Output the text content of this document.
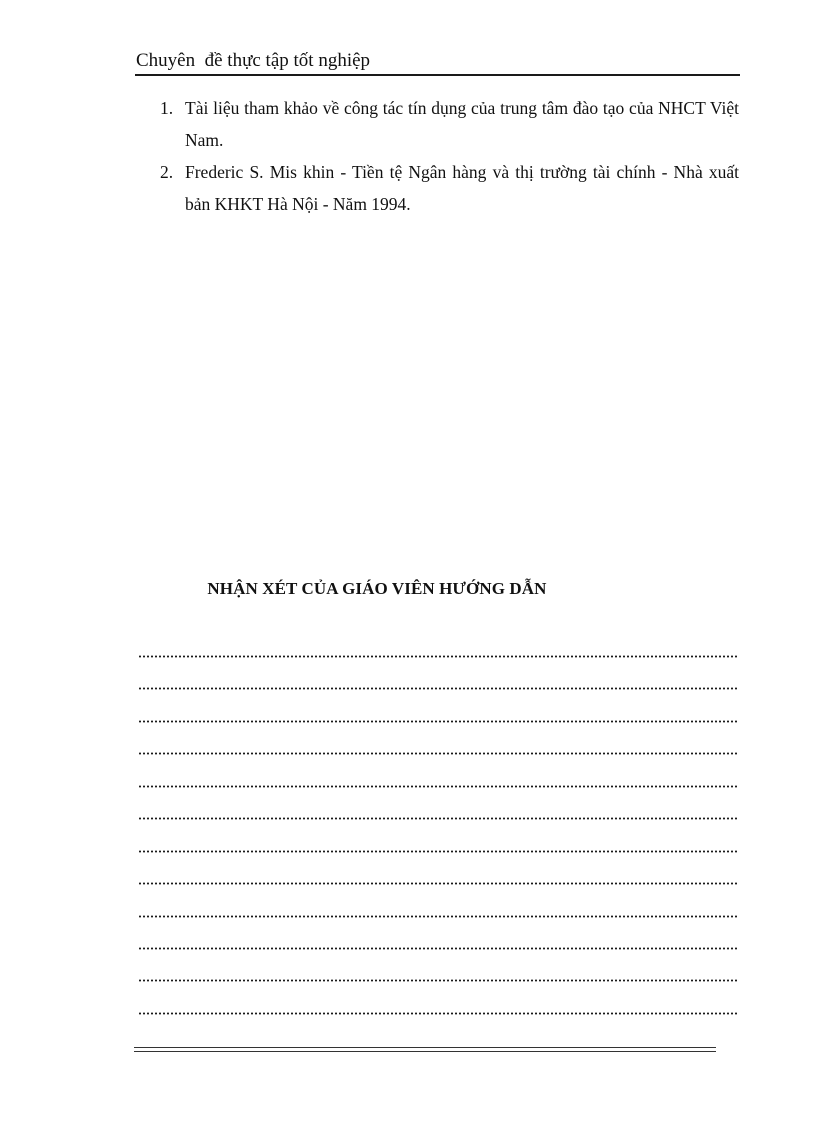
Chuyên  đề thực tập tốt nghiệp
1. Tài liệu tham khảo về công tác tín dụng của trung tâm đào tạo của NHCT Việt Nam.
2. Frederic S. Mis khin - Tiền tệ Ngân hàng và thị trường tài chính - Nhà xuất bản KHKT Hà Nội - Năm 1994.
NHẬN XÉT CỦA GIÁO VIÊN HƯỚNG DẪN
